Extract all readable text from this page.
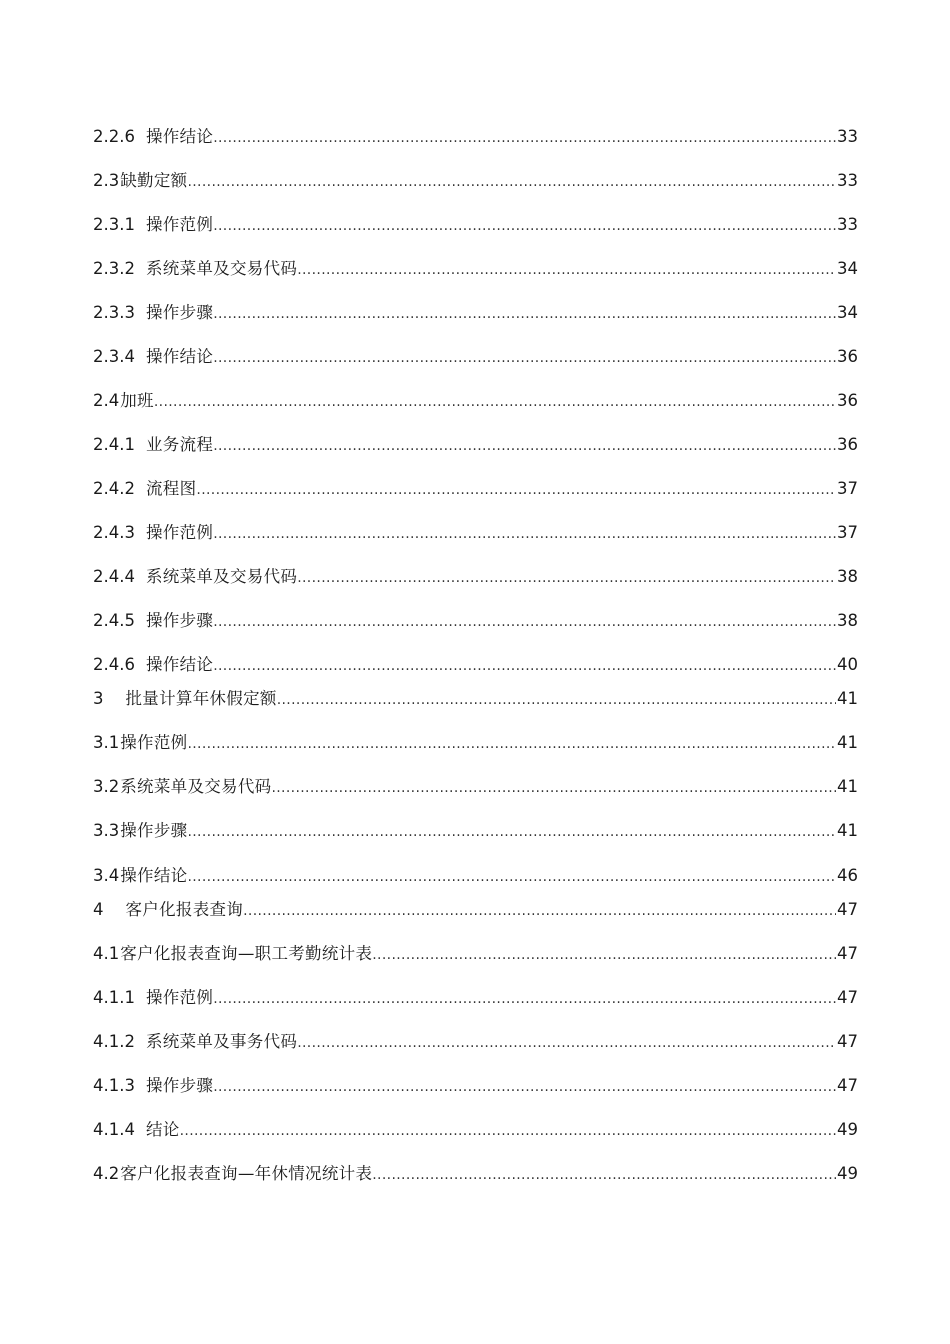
2.2.6 操作结论 .....	33
2.3 缺勤定额 .....	33
2.3.1 操作范例 .....	33
2.3.2 系统菜单及交易代码 .....	34
2.3.3 操作步骤 .....	34
2.3.4 操作结论 .....	36
2.4 加班 .....	36
2.4.1 业务流程 .....	36
2.4.2 流程图 .....	37
2.4.3 操作范例 .....	37
2.4.4 系统菜单及交易代码 .....	38
2.4.5 操作步骤 .....	38
2.4.6 操作结论 .....	40
3 批量计算年休假定额 .....	41
3.1 操作范例 .....	41
3.2 系统菜单及交易代码 .....	41
3.3 操作步骤 .....	41
3.4 操作结论 .....	46
4 客户化报表查询 .....	47
4.1 客户化报表查询—职工考勤统计表 .....	47
4.1.1 操作范例 .....	47
4.1.2 系统菜单及事务代码 .....	47
4.1.3 操作步骤 .....	47
4.1.4 结论 .....	49
4.2 客户化报表查询—年休情况统计表 .....	49
